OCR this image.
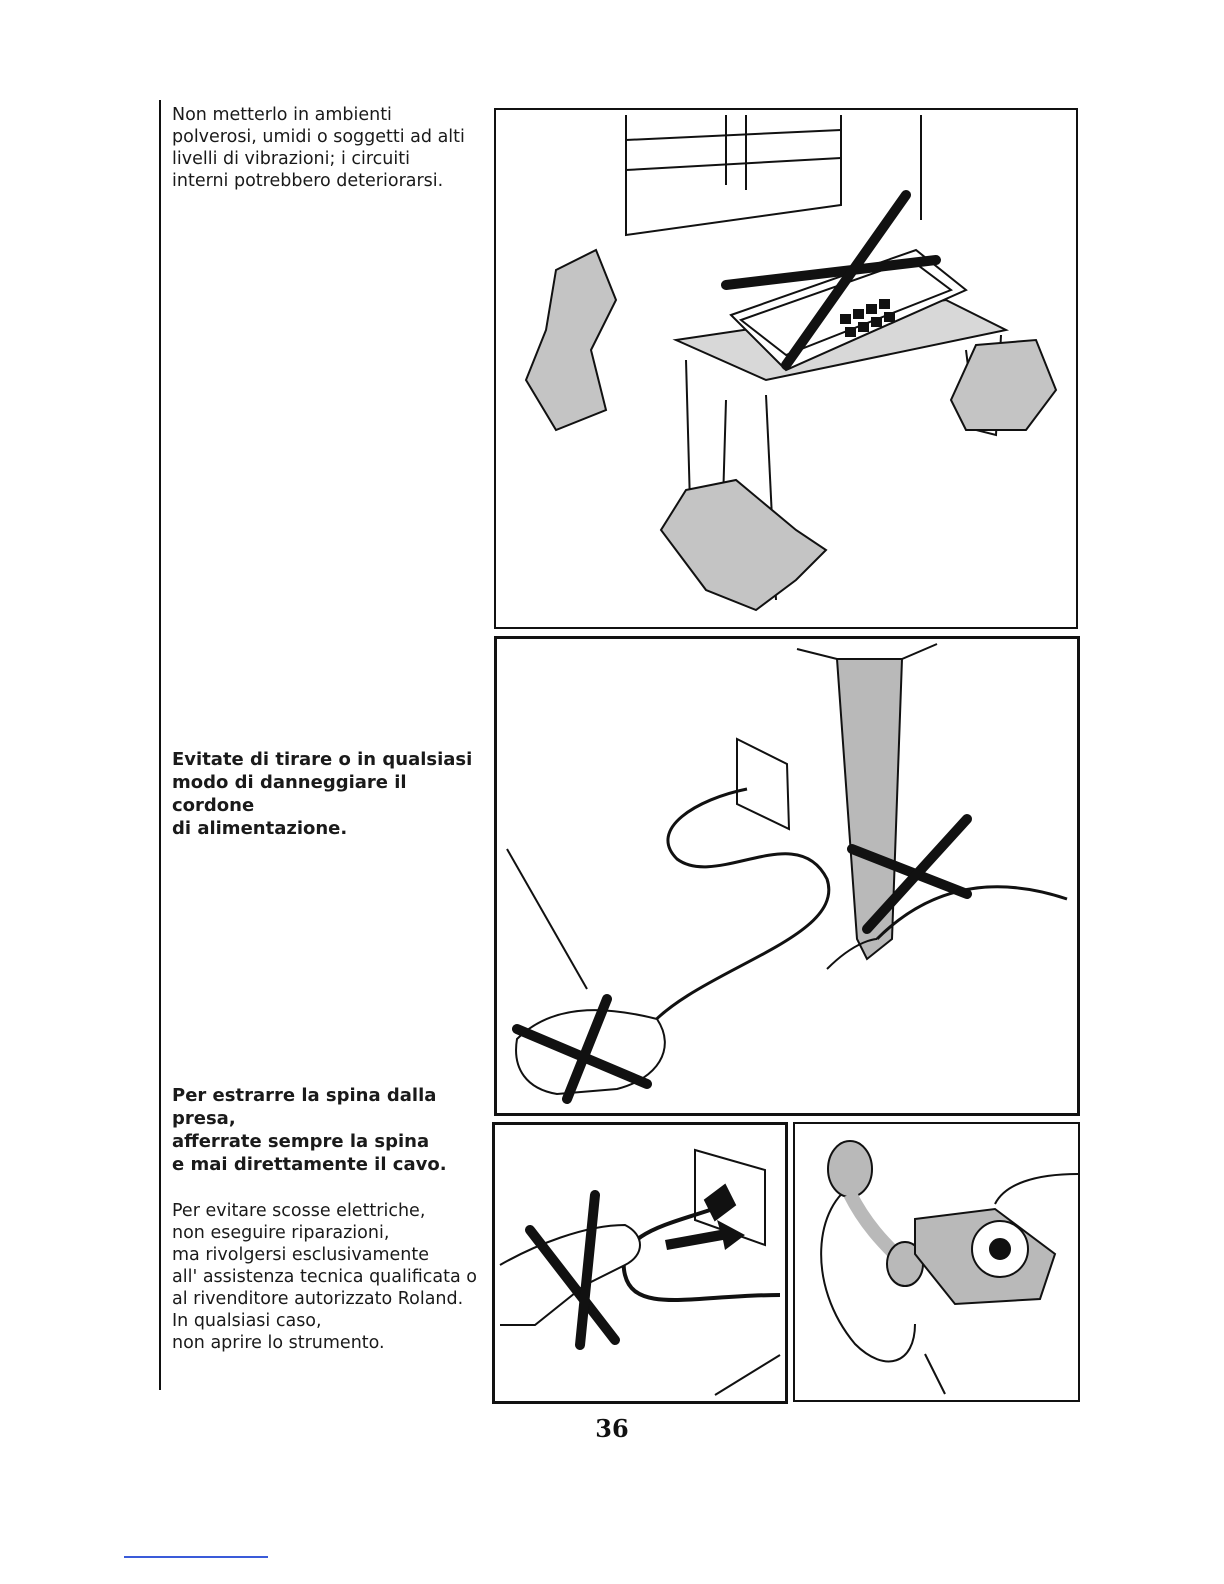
Non metterlo in ambienti
polverosi, umidi o soggetti ad alti
livelli di vibrazioni; i circuiti
interni potrebbero deteriorarsi.
Evitate di tirare o in qualsiasi
modo di danneggiare il cordone
di alimentazione.
Per estrarre la spina dalla presa,
afferrate sempre la spina
e mai direttamente il cavo.
Per evitare scosse elettriche,
non eseguire riparazioni,
ma rivolgersi esclusivamente
all' assistenza tecnica qualificata o
al rivenditore autorizzato Roland.
In qualsiasi caso,
non aprire lo strumento.
36
